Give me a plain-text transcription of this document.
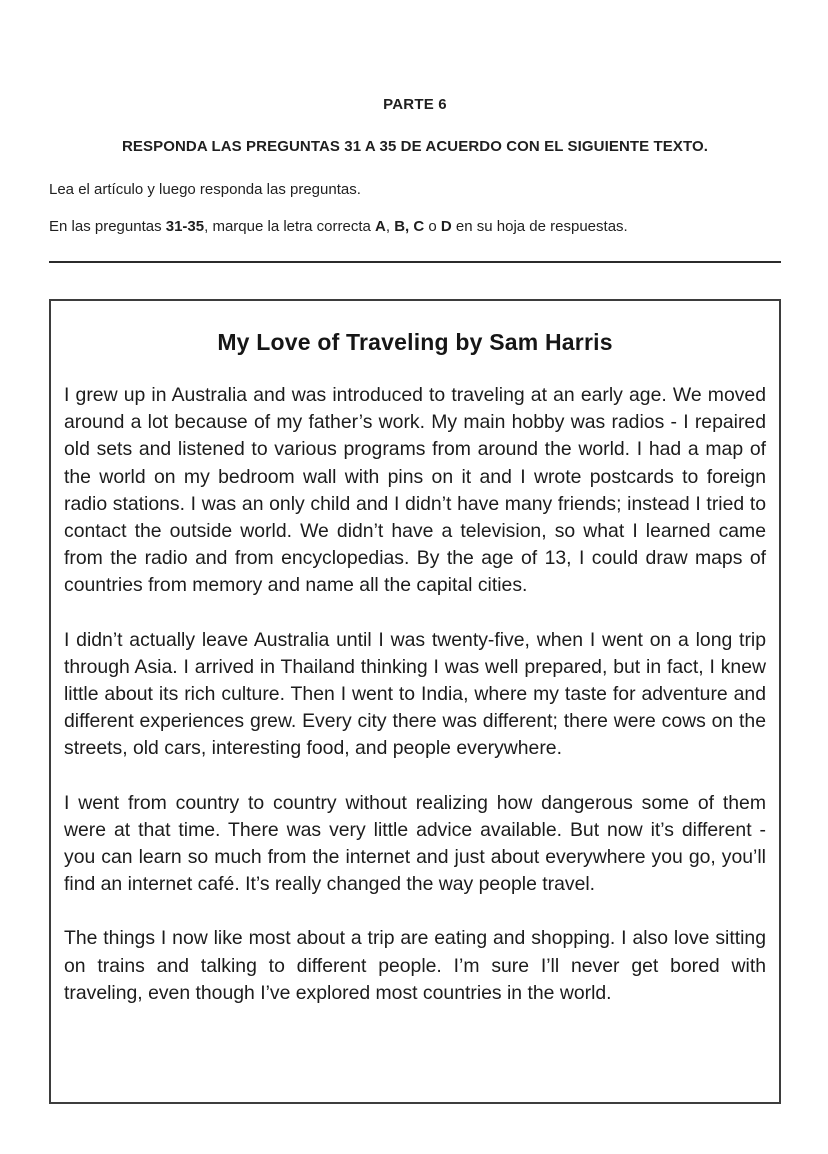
PARTE 6
RESPONDA LAS PREGUNTAS 31 A 35 DE ACUERDO CON EL SIGUIENTE TEXTO.
Lea el artículo y luego responda las preguntas.
En las preguntas 31-35, marque la letra correcta A, B, C o D en su hoja de respuestas.
My Love of Traveling by Sam Harris

I grew up in Australia and was introduced to traveling at an early age. We moved around a lot because of my father’s work. My main hobby was radios - I repaired old sets and listened to various programs from around the world. I had a map of the world on my bedroom wall with pins on it and I wrote postcards to foreign radio stations. I was an only child and I didn’t have many friends; instead I tried to contact the outside world. We didn’t have a television, so what I learned came from the radio and from encyclopedias. By the age of 13, I could draw maps of countries from memory and name all the capital cities.

I didn’t actually leave Australia until I was twenty-five, when I went on a long trip through Asia. I arrived in Thailand thinking I was well prepared, but in fact, I knew little about its rich culture. Then I went to India, where my taste for adventure and different experiences grew. Every city there was different; there were cows on the streets, old cars, interesting food, and people everywhere.

I went from country to country without realizing how dangerous some of them were at that time. There was very little advice available. But now it’s different - you can learn so much from the internet and just about everywhere you go, you’ll find an internet café. It’s really changed the way people travel.

The things I now like most about a trip are eating and shopping. I also love sitting on trains and talking to different people. I’m sure I’ll never get bored with traveling, even though I’ve explored most countries in the world.
